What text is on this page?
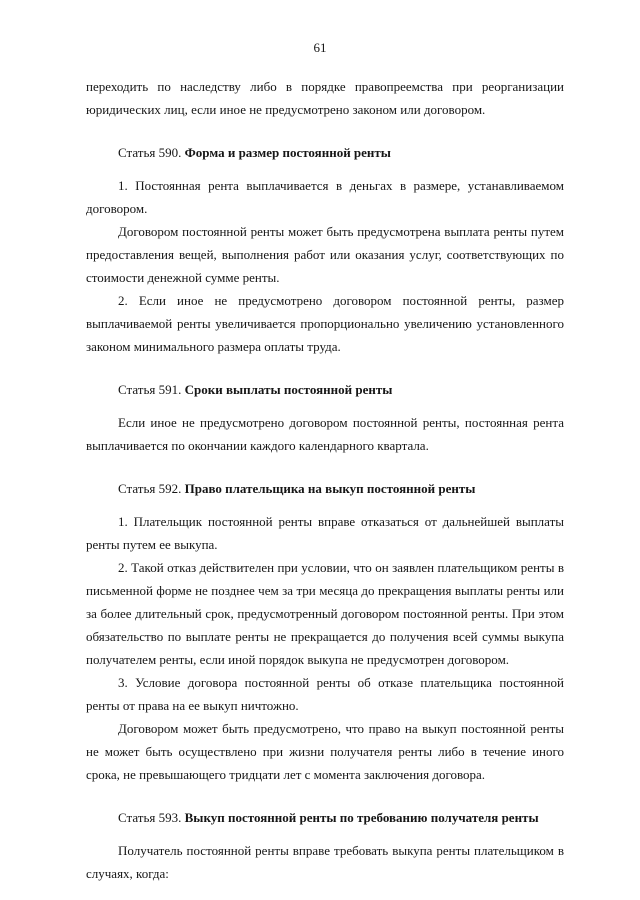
61

переходить по наследству либо в порядке правопреемства при реорганизации юридических лиц, если иное не предусмотрено законом или договором.

Статья 590. Форма и размер постоянной ренты

1. Постоянная рента выплачивается в деньгах в размере, устанавливаемом договором.

Договором постоянной ренты может быть предусмотрена выплата ренты путем предоставления вещей, выполнения работ или оказания услуг, соответствующих по стоимости денежной сумме ренты.

2. Если иное не предусмотрено договором постоянной ренты, размер выплачиваемой ренты увеличивается пропорционально увеличению установленного законом минимального размера оплаты труда.

Статья 591. Сроки выплаты постоянной ренты

Если иное не предусмотрено договором постоянной ренты, постоянная рента выплачивается по окончании каждого календарного квартала.

Статья 592. Право плательщика на выкуп постоянной ренты

1. Плательщик постоянной ренты вправе отказаться от дальнейшей выплаты ренты путем ее выкупа.

2. Такой отказ действителен при условии, что он заявлен плательщиком ренты в письменной форме не позднее чем за три месяца до прекращения выплаты ренты или за более длительный срок, предусмотренный договором постоянной ренты. При этом обязательство по выплате ренты не прекращается до получения всей суммы выкупа получателем ренты, если иной порядок выкупа не предусмотрен договором.

3. Условие договора постоянной ренты об отказе плательщика постоянной ренты от права на ее выкуп ничтожно.

Договором может быть предусмотрено, что право на выкуп постоянной ренты не может быть осуществлено при жизни получателя ренты либо в течение иного срока, не превышающего тридцати лет с момента заключения договора.

Статья 593. Выкуп постоянной ренты по требованию получателя ренты

Получатель постоянной ренты вправе требовать выкупа ренты плательщиком в случаях, когда:
